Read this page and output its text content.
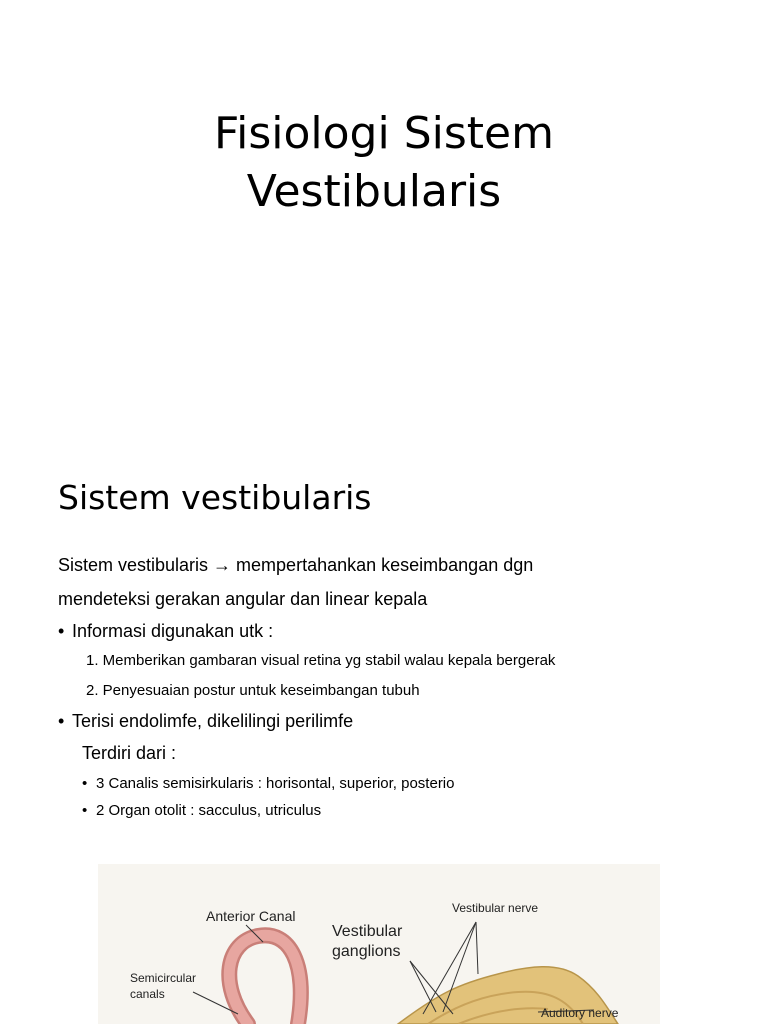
Fisiologi Sistem
Vestibularis
Sistem vestibularis
Sistem vestibularis → mempertahankan keseimbangan dgn
mendeteksi gerakan angular dan linear kepala
• Informasi digunakan utk :
1. Memberikan gambaran visual retina yg stabil walau kepala bergerak
2. Penyesuaian postur untuk keseimbangan tubuh
• Terisi endolimfe, dikelilingi perilimfe
Terdiri dari :
• 3 Canalis semisirkularis : horisontal, superior, posterio
• 2 Organ otolit : sacculus, utriculus
Anterior Canal
Vestibular
ganglions
Vestibular nerve
Semicircular
canals
Auditory nerve
